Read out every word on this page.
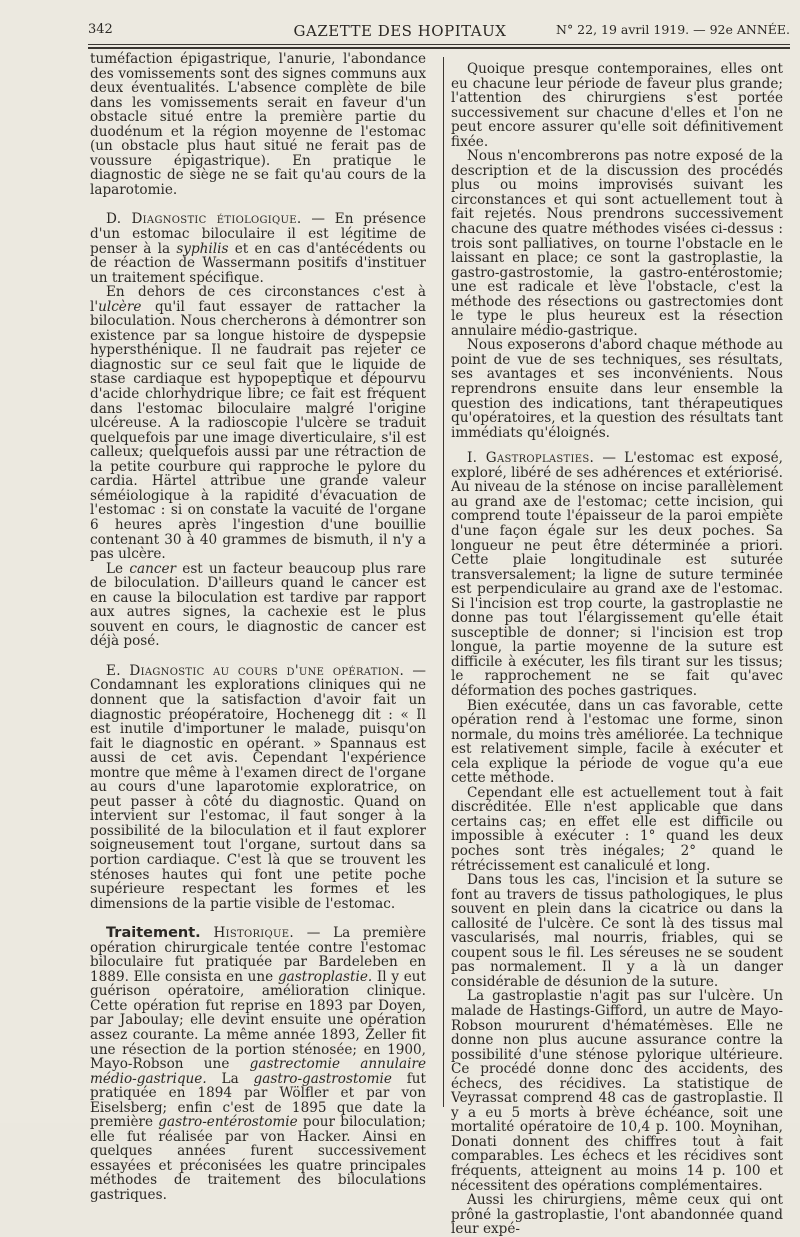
342	GAZETTE DES HOPITAUX	N° 22, 19 avril 1919. — 92e ANNÉE.

tuméfaction épigastrique, l'anurie, l'abondance des vomissements sont des signes communs aux deux éventualités. L'absence complète de bile dans les vomissements serait en faveur d'un obstacle situé entre la première partie du duodénum et la région moyenne de l'estomac (un obstacle plus haut situé ne ferait pas de voussure épigastrique). En pratique le diagnostic de siège ne se fait qu'au cours de la laparotomie.

D. Diagnostic étiologique. — En présence d'un estomac biloculaire il est légitime de penser à la syphilis et en cas d'antécédents ou de réaction de Wassermann positifs d'instituer un traitement spécifique.

En dehors de ces circonstances c'est à l'ulcère qu'il faut essayer de rattacher la biloculation. Nous chercherons à démontrer son existence par sa longue histoire de dyspepsie hypersthénique. Il ne faudrait pas rejeter ce diagnostic sur ce seul fait que le liquide de stase cardiaque est hypopeptique et dépourvu d'acide chlorhydrique libre; ce fait est fréquent dans l'estomac biloculaire malgré l'origine ulcéreuse. A la radioscopie l'ulcère se traduit quelquefois par une image diverticulaire, s'il est calleux; quelquefois aussi par une rétraction de la petite courbure qui rapproche le pylore du cardia. Härtel attribue une grande valeur séméiologique à la rapidité d'évacuation de l'estomac : si on constate la vacuité de l'organe 6 heures après l'ingestion d'une bouillie contenant 30 à 40 grammes de bismuth, il n'y a pas ulcère.

Le cancer est un facteur beaucoup plus rare de biloculation. D'ailleurs quand le cancer est en cause la biloculation est tardive par rapport aux autres signes, la cachexie est le plus souvent en cours, le diagnostic de cancer est déjà posé.

E. Diagnostic au cours d'une opération. — Condamnant les explorations cliniques qui ne donnent que la satisfaction d'avoir fait un diagnostic préopératoire, Hochenegg dit : « Il est inutile d'importuner le malade, puisqu'on fait le diagnostic en opérant. » Spannaus est aussi de cet avis. Cependant l'expérience montre que même à l'examen direct de l'organe au cours d'une laparotomie exploratrice, on peut passer à côté du diagnostic. Quand on intervient sur l'estomac, il faut songer à la possibilité de la biloculation et il faut explorer soigneusement tout l'organe, surtout dans sa portion cardiaque. C'est là que se trouvent les sténoses hautes qui font une petite poche supérieure respectant les formes et les dimensions de la partie visible de l'estomac.

Traitement. Historique. — La première opération chirurgicale tentée contre l'estomac biloculaire fut pratiquée par Bardeleben en 1889. Elle consista en une gastroplastie. Il y eut guérison opératoire, amélioration clinique. Cette opération fut reprise en 1893 par Doyen, par Jaboulay; elle devint ensuite une opération assez courante. La même année 1893, Zeller fit une résection de la portion sténosée; en 1900, Mayo-Robson une gastrectomie annulaire médio-gastrique. La gastro-gastrostomie fut pratiquée en 1894 par Wölfler et par von Eiselsberg; enfin c'est de 1895 que date la première gastro-entérostomie pour biloculation; elle fut réalisée par von Hacker. Ainsi en quelques années furent successivement essayées et préconisées les quatre principales méthodes de traitement des biloculations gastriques.

Quoique presque contemporaines, elles ont eu chacune leur période de faveur plus grande; l'attention des chirurgiens s'est portée successivement sur chacune d'elles et l'on ne peut encore assurer qu'elle soit définitivement fixée.

Nous n'encombrerons pas notre exposé de la description et de la discussion des procédés plus ou moins improvisés suivant les circonstances et qui sont actuellement tout à fait rejetés. Nous prendrons successivement chacune des quatre méthodes visées ci-dessus : trois sont palliatives, on tourne l'obstacle en le laissant en place; ce sont la gastroplastie, la gastro-gastrostomie, la gastro-entérostomie; une est radicale et lève l'obstacle, c'est la méthode des résections ou gastrectomies dont le type le plus heureux est la résection annulaire médio-gastrique.

Nous exposerons d'abord chaque méthode au point de vue de ses techniques, ses résultats, ses avantages et ses inconvénients. Nous reprendrons ensuite dans leur ensemble la question des indications, tant thérapeutiques qu'opératoires, et la question des résultats tant immédiats qu'éloignés.

I. Gastroplasties. — L'estomac est exposé, exploré, libéré de ses adhérences et extériorisé. Au niveau de la sténose on incise parallèlement au grand axe de l'estomac; cette incision, qui comprend toute l'épaisseur de la paroi empiète d'une façon égale sur les deux poches. Sa longueur ne peut être déterminée a priori. Cette plaie longitudinale est suturée transversalement; la ligne de suture terminée est perpendiculaire au grand axe de l'estomac. Si l'incision est trop courte, la gastroplastie ne donne pas tout l'élargissement qu'elle était susceptible de donner; si l'incision est trop longue, la partie moyenne de la suture est difficile à exécuter, les fils tirant sur les tissus; le rapprochement ne se fait qu'avec déformation des poches gastriques.

Bien exécutée, dans un cas favorable, cette opération rend à l'estomac une forme, sinon normale, du moins très améliorée. La technique est relativement simple, facile à exécuter et cela explique la période de vogue qu'a eue cette méthode.

Cependant elle est actuellement tout à fait discréditée. Elle n'est applicable que dans certains cas; en effet elle est difficile ou impossible à exécuter : 1° quand les deux poches sont très inégales; 2° quand le rétrécissement est canaliculé et long.

Dans tous les cas, l'incision et la suture se font au travers de tissus pathologiques, le plus souvent en plein dans la cicatrice ou dans la callosité de l'ulcère. Ce sont là des tissus mal vascularisés, mal nourris, friables, qui se coupent sous le fil. Les séreuses ne se soudent pas normalement. Il y a là un danger considérable de désunion de la suture.

La gastroplastie n'agit pas sur l'ulcère. Un malade de Hastings-Gifford, un autre de Mayo-Robson moururent d'hématémèses. Elle ne donne non plus aucune assurance contre la possibilité d'une sténose pylorique ultérieure. Ce procédé donne donc des accidents, des échecs, des récidives. La statistique de Veyrassat comprend 48 cas de gastroplastie. Il y a eu 5 morts à brève échéance, soit une mortalité opératoire de 10,4 p. 100. Moynihan, Donati donnent des chiffres tout à fait comparables. Les échecs et les récidives sont fréquents, atteignent au moins 14 p. 100 et nécessitent des opérations complémentaires.

Aussi les chirurgiens, même ceux qui ont prôné la gastroplastie, l'ont abandonnée quand leur expé-
